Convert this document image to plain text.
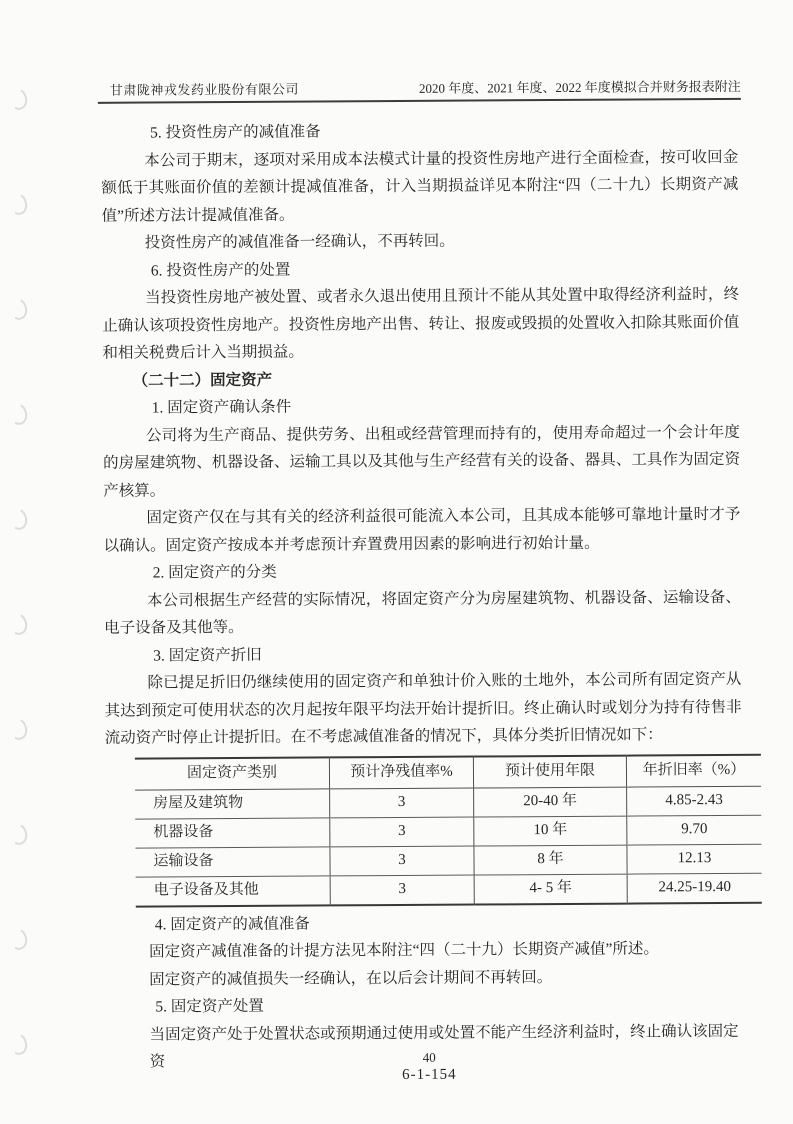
甘肃陇神戎发药业股份有限公司	2020 年度、2021 年度、2022 年度模拟合并财务报表附注

5. 投资性房产的减值准备

本公司于期末，逐项对采用成本法模式计量的投资性房地产进行全面检查，按可收回金额低于其账面价值的差额计提减值准备，计入当期损益详见本附注“四（二十九）长期资产减值”所述方法计提减值准备。

投资性房产的减值准备一经确认，不再转回。

6. 投资性房产的处置

当投资性房地产被处置、或者永久退出使用且预计不能从其处置中取得经济利益时，终止确认该项投资性房地产。投资性房地产出售、转让、报废或毁损的处置收入扣除其账面价值和相关税费后计入当期损益。

（二十二）固定资产

1. 固定资产确认条件

公司将为生产商品、提供劳务、出租或经营管理而持有的，使用寿命超过一个会计年度的房屋建筑物、机器设备、运输工具以及其他与生产经营有关的设备、器具、工具作为固定资产核算。

固定资产仅在与其有关的经济利益很可能流入本公司，且其成本能够可靠地计量时才予以确认。固定资产按成本并考虑预计弃置费用因素的影响进行初始计量。

2. 固定资产的分类

本公司根据生产经营的实际情况，将固定资产分为房屋建筑物、机器设备、运输设备、电子设备及其他等。

3. 固定资产折旧

除已提足折旧仍继续使用的固定资产和单独计价入账的土地外，本公司所有固定资产从其达到预定可使用状态的次月起按年限平均法开始计提折旧。终止确认时或划分为持有待售非流动资产时停止计提折旧。在不考虑减值准备的情况下，具体分类折旧情况如下：

固定资产类别	预计净残值率%	预计使用年限	年折旧率（%）
房屋及建筑物	3	20-40 年	4.85-2.43
机器设备	3	10 年	9.70
运输设备	3	8 年	12.13
电子设备及其他	3	4- 5 年	24.25-19.40

4. 固定资产的减值准备

固定资产减值准备的计提方法见本附注“四（二十九）长期资产减值”所述。

固定资产的减值损失一经确认，在以后会计期间不再转回。

5. 固定资产处置

当固定资产处于处置状态或预期通过使用或处置不能产生经济利益时，终止确认该固定资	40
6-1-154
